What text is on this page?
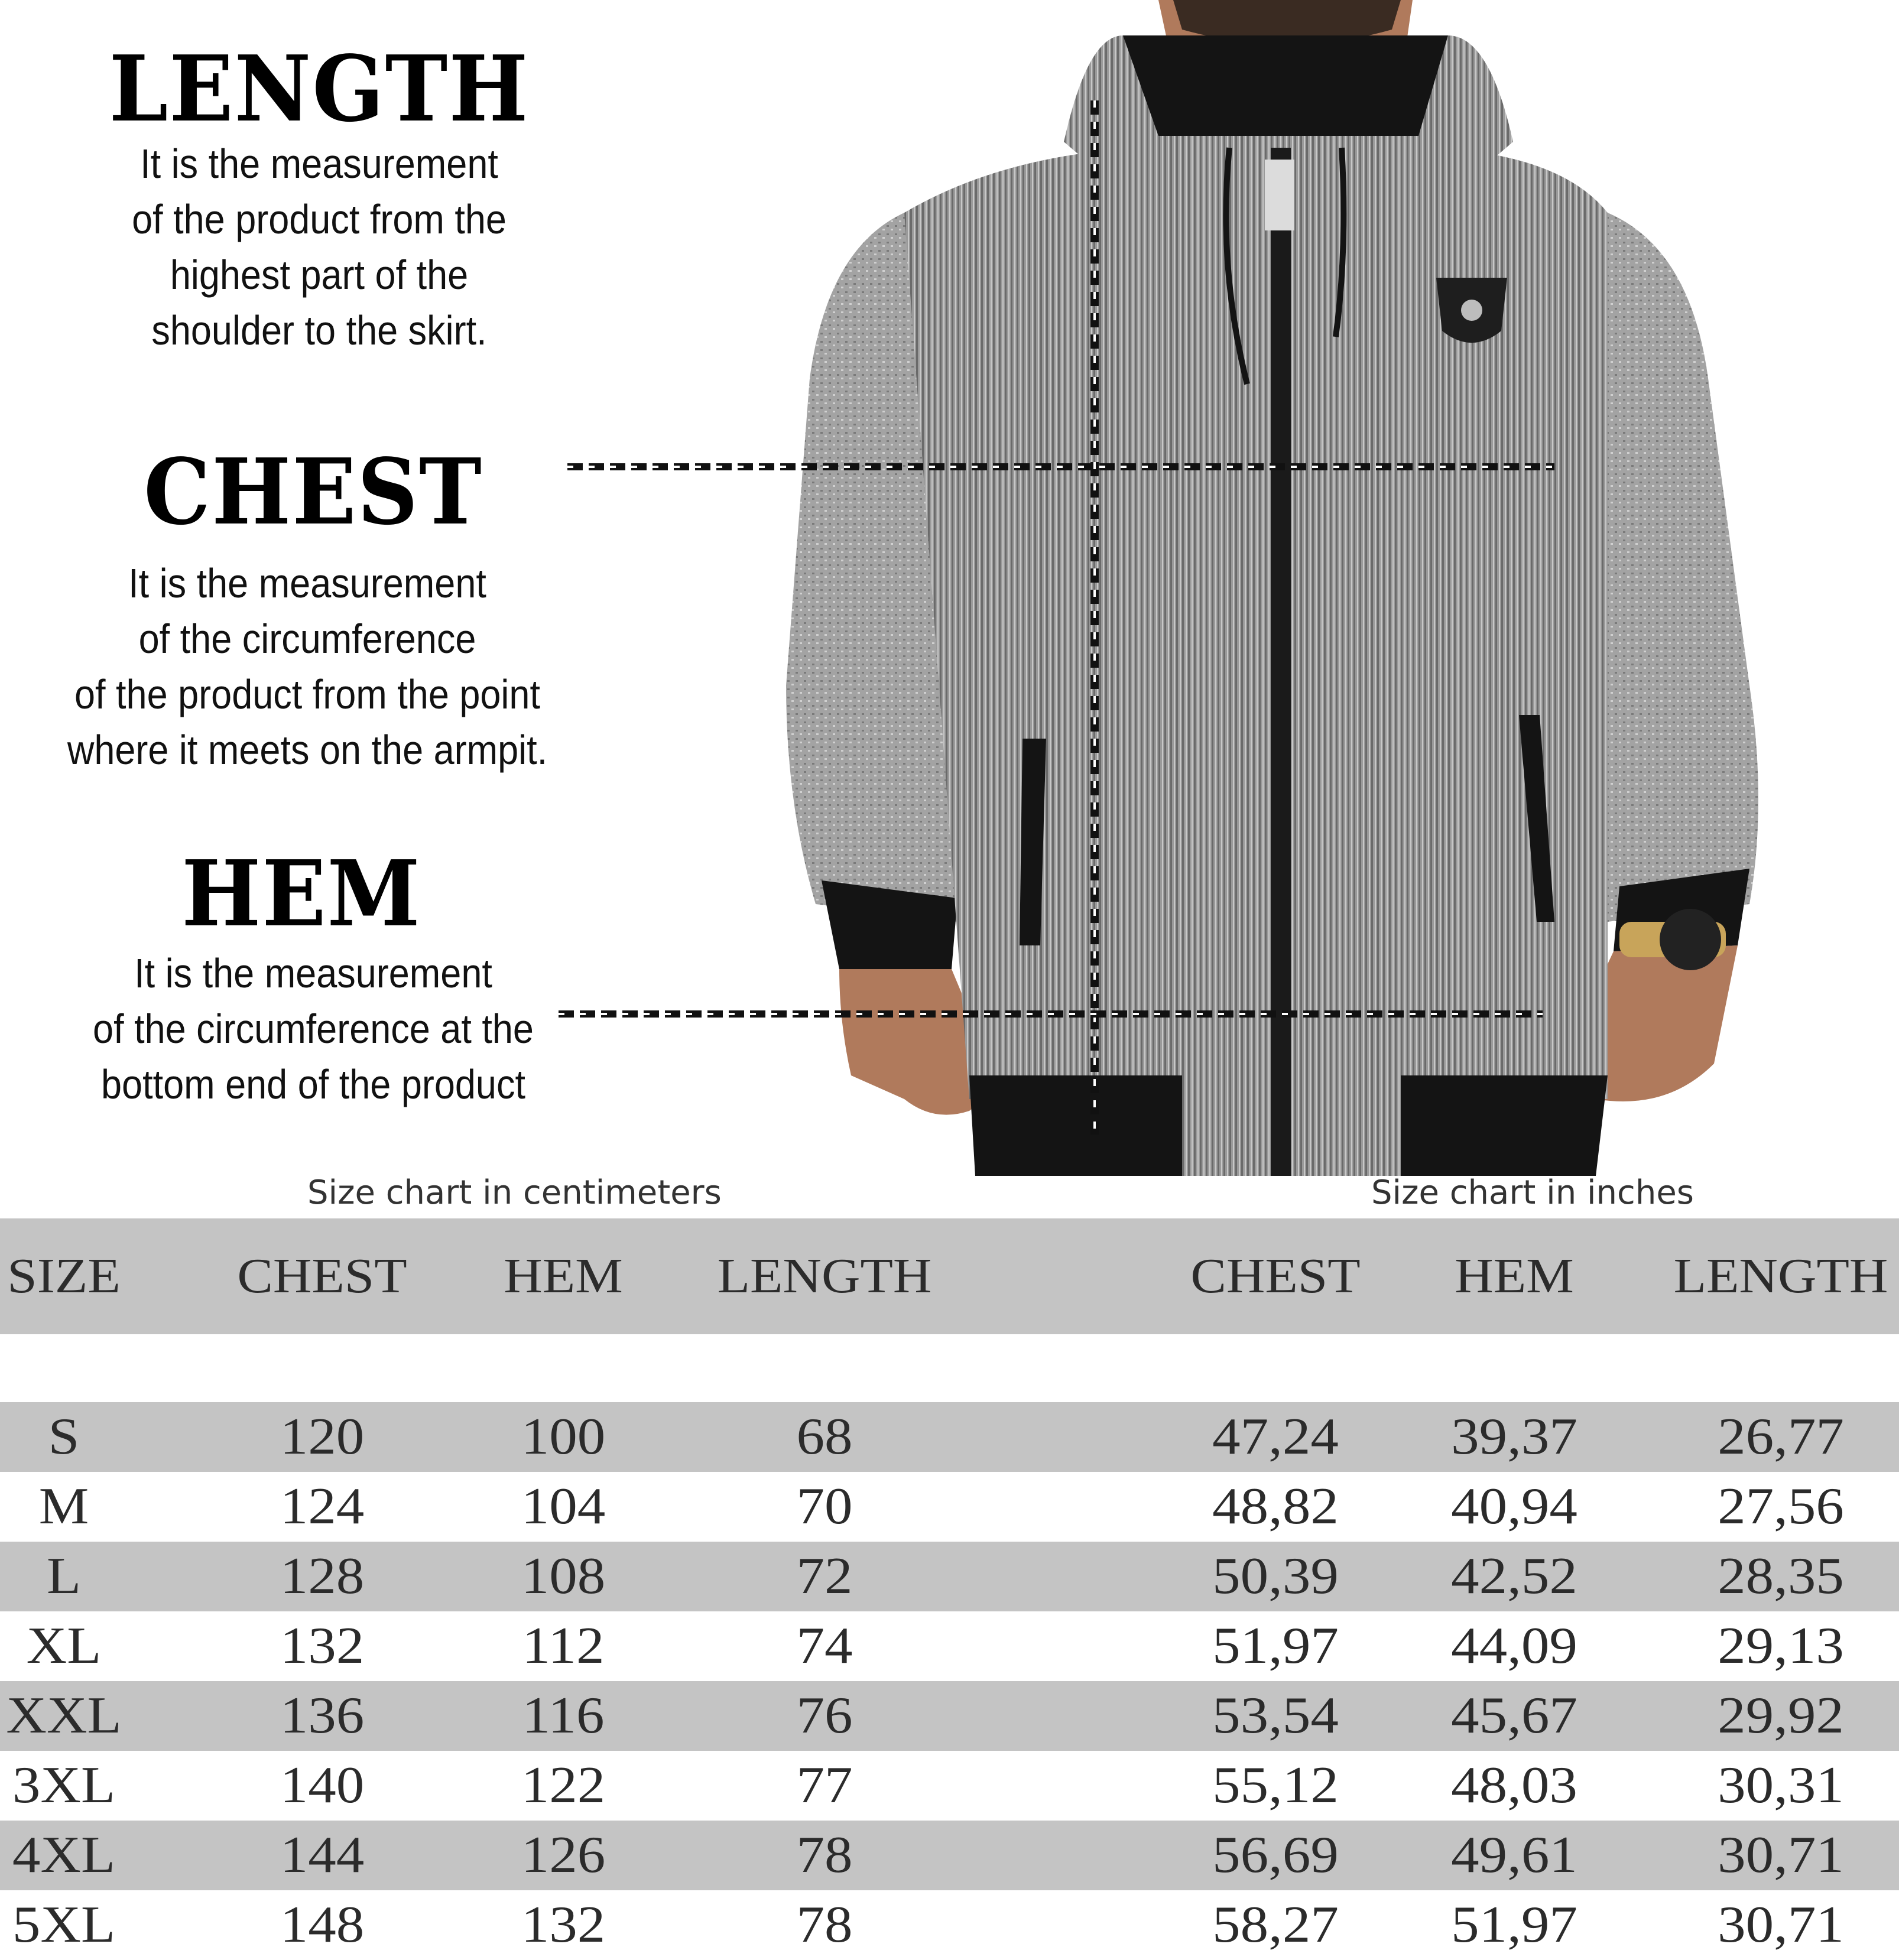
LENGTH
It is the measurement
of the product from the
highest part of the
shoulder to the skirt.
CHEST
It is the measurement
of the circumference
of the product from the point
where it meets on the armpit.
HEM
It is the measurement
of the circumference at the
bottom end of the product
Size chart in centimeters	Size chart in inches
SIZE	CHEST	HEM	LENGTH	CHEST	HEM	LENGTH
S	120	100	68	47,24	39,37	26,77
M	124	104	70	48,82	40,94	27,56
L	128	108	72	50,39	42,52	28,35
XL	132	112	74	51,97	44,09	29,13
XXL	136	116	76	53,54	45,67	29,92
3XL	140	122	77	55,12	48,03	30,31
4XL	144	126	78	56,69	49,61	30,71
5XL	148	132	78	58,27	51,97	30,71
